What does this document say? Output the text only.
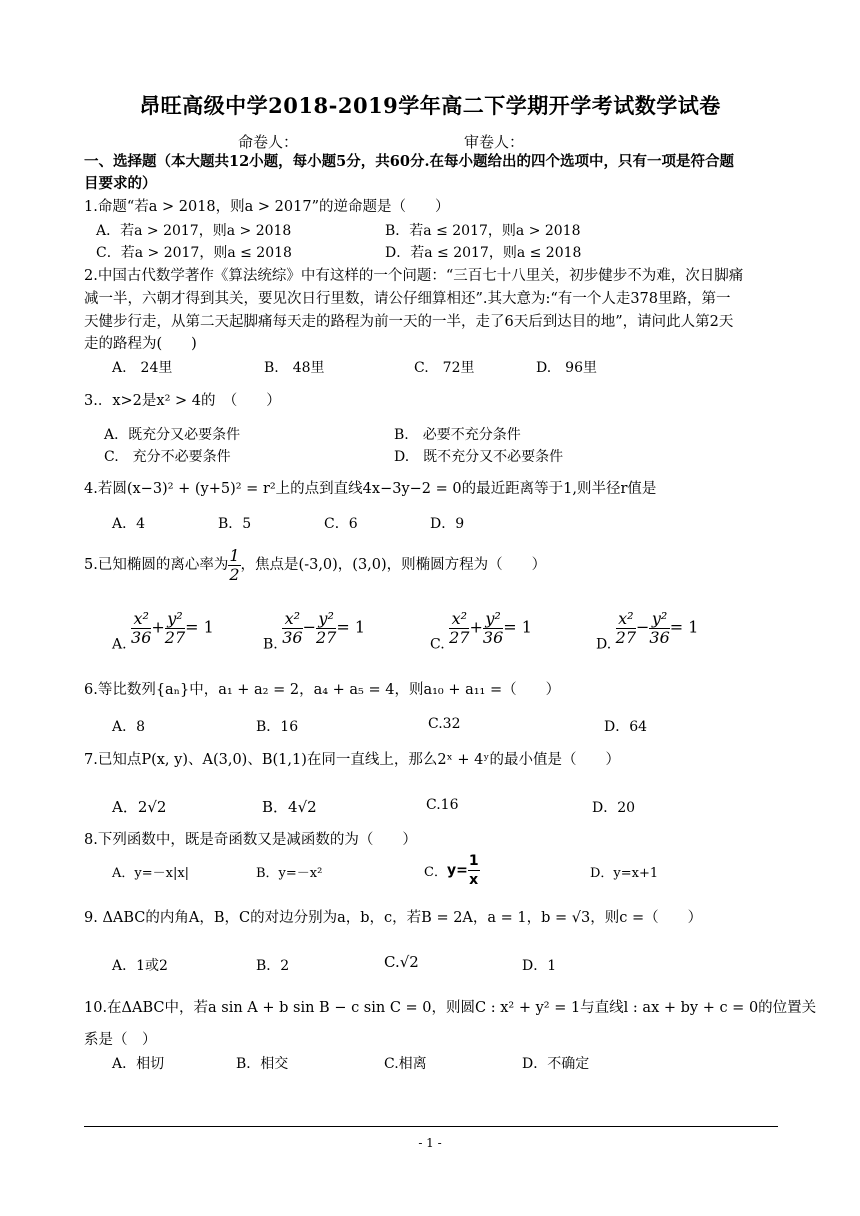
昂旺高级中学2018-2019学年高二下学期开学考试数学试卷
命卷人：	审卷人：
一、选择题（本大题共12小题，每小题5分，共60分.在每小题给出的四个选项中，只有一项是符合题
目要求的）
1.命题“若a > 2018，则a > 2017”的逆命题是（　　）
A．若a > 2017，则a > 2018	B．若a ≤ 2017，则a > 2018
C．若a > 2017，则a ≤ 2018	D．若a ≤ 2017，则a ≤ 2018
2.中国古代数学著作《算法统综》中有这样的一个问题：“三百七十八里关，初步健步不为难，次日脚痛
减一半，六朝才得到其关，要见次日行里数，请公仔细算相还”.其大意为:“有一个人走378里路，第一
天健步行走，从第二天起脚痛每天走的路程为前一天的一半，走了6天后到达目的地”，请问此人第2天
走的路程为(　　)
A.　24里	B.　48里	C.　72里	D.　96里
3.．x>2是x² > 4的　（　　）
A．既充分又必要条件	B.　必要不充分条件
C.　充分不必要条件	D.　既不充分又不必要条件
4.若圆(x−3)² + (y+5)² = r²上的点到直线4x−3y−2 = 0的最近距离等于1,则半径r值是
A．4	B．5	C．6	D．9
5.已知椭圆的离心率为 $\frac{1}{2}$ ，焦点是(-3,0)，(3,0)，则椭圆方程为（　　）
A. $\frac{\text{x²}}{36} + \frac{\text{y²}}{27} = 1$
B. $\frac{\text{x²}}{36} - \frac{\text{y²}}{27} = 1$
C. $\frac{\text{x²}}{27} + \frac{\text{y²}}{36} = 1$
D. $\frac{\text{x²}}{27} - \frac{\text{y²}}{36} = 1$
6.等比数列{aₙ}中，a₁ + a₂ = 2，a₄ + a₅ = 4，则a₁₀ + a₁₁ =（　　）
A．8	B．16	C.32	D．64
7.已知点P(x, y)、A(3,0)、B(1,1)在同一直线上，那么2ˣ + 4ʸ的最小值是（　　）
A．2√2	B．4√2	C.16	D．20
8.下列函数中，既是奇函数又是减函数的为（　　）
A．y=－x|x|	B．y=－x²	C．$y= \frac{1}{x}$	D．y=x+1
9. ΔABC的内角A，B，C的对边分别为a，b，c，若B = 2A，a = 1，b = √3，则c =（　　）
A．1或2	B．2	C.√2	D．1
10.在ΔABC中，若a sin A + b sin B − c sin C = 0，则圆C : x² + y² = 1与直线l : ax + by + c = 0的位置关
系是（　）
A．相切	B．相交	C.相离	D．不确定
- 1 -
